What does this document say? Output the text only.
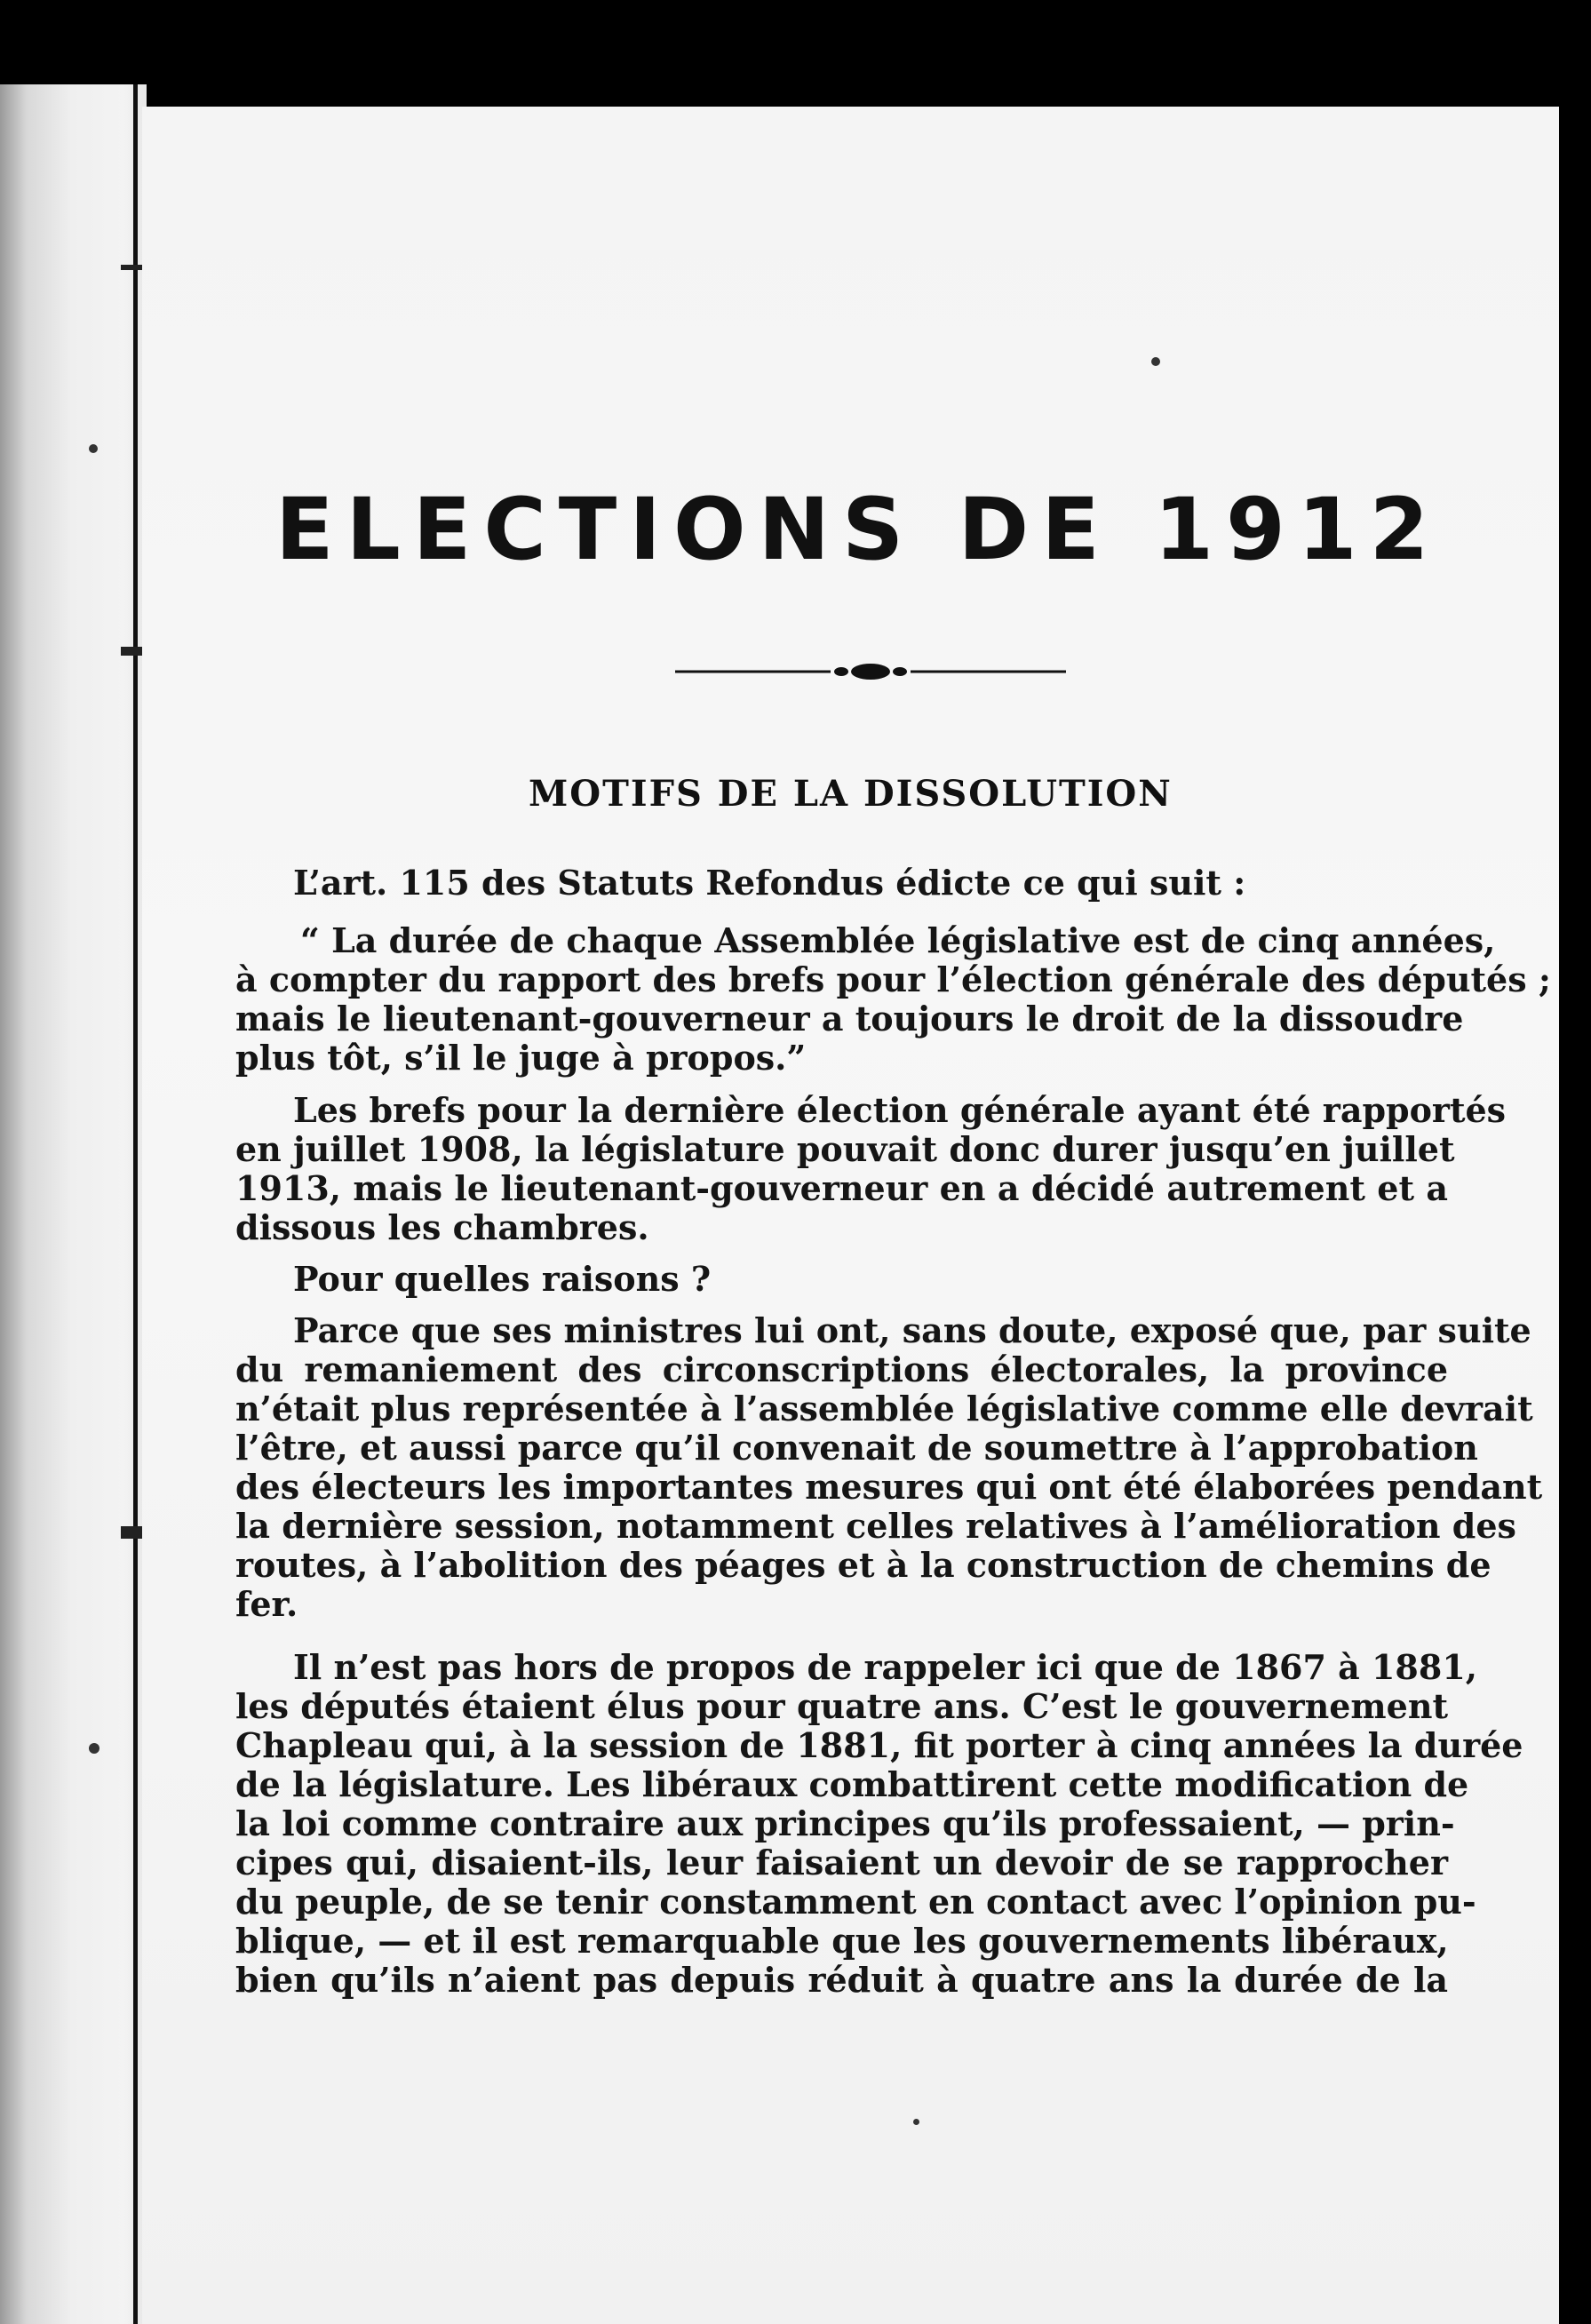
ELECTIONS DE 1912
MOTIFS DE LA DISSOLUTION
L’art. 115 des Statuts Refondus édicte ce qui suit :
“ La durée de chaque Assemblée législative est de cinq années,
à compter du rapport des brefs pour l’élection générale des députés ;
mais le lieutenant-gouverneur a toujours le droit de la dissoudre
plus tôt, s’il le juge à propos.”
Les brefs pour la dernière élection générale ayant été rapportés
en juillet 1908, la législature pouvait donc durer jusqu’en juillet
1913, mais le lieutenant-gouverneur en a décidé autrement et a
dissous les chambres.
Pour quelles raisons ?
Parce que ses ministres lui ont, sans doute, exposé que, par suite
du remaniement des circonscriptions électorales, la province
n’était plus représentée à l’assemblée législative comme elle devrait
l’être, et aussi parce qu’il convenait de soumettre à l’approbation
des électeurs les importantes mesures qui ont été élaborées pendant
la dernière session, notamment celles relatives à l’amélioration des
routes, à l’abolition des péages et à la construction de chemins de
fer.
Il n’est pas hors de propos de rappeler ici que de 1867 à 1881,
les députés étaient élus pour quatre ans. C’est le gouvernement
Chapleau qui, à la session de 1881, fit porter à cinq années la durée
de la législature. Les libéraux combattirent cette modification de
la loi comme contraire aux principes qu’ils professaient, — prin-
cipes qui, disaient-ils, leur faisaient un devoir de se rapprocher
du peuple, de se tenir constamment en contact avec l’opinion pu-
blique, — et il est remarquable que les gouvernements libéraux,
bien qu’ils n’aient pas depuis réduit à quatre ans la durée de la
